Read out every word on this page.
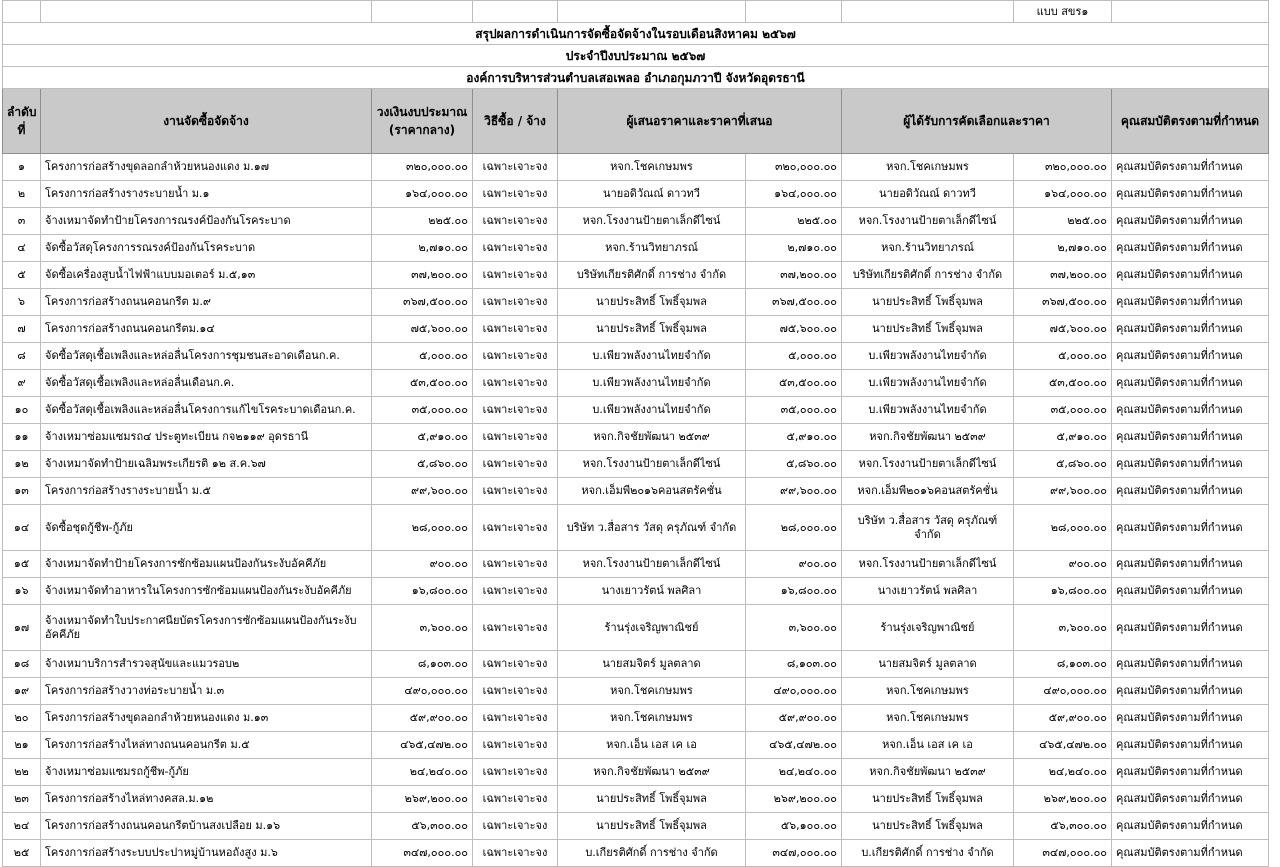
							แบบ สขร๑	
สรุปผลการดำเนินการจัดซื้อจัดจ้างในรอบเดือนสิงหาคม ๒๕๖๗								
ประจำปีงบประมาณ ๒๕๖๗								
องค์การบริหารส่วนตำบลเสอเพลอ อำเภอกุมภวาปี จังหวัดอุดรธานี								
ลำดับที่	งานจัดซื้อจัดจ้าง	วงเงินงบประมาณ (ราคากลาง)	วิธีซื้อ / จ้าง	ผู้เสนอราคาและราคาที่เสนอ		ผู้ได้รับการคัดเลือกและราคา		คุณสมบัติตรงตามที่กำหนด
๑	โครงการก่อสร้างขุดลอกลำห้วยหนองแดง ม.๑๗	๓๒๐,๐๐๐.๐๐	เฉพาะเจาะจง	หจก.โชคเกษมพร	๓๒๐,๐๐๐.๐๐	หจก.โชคเกษมพร	๓๒๐,๐๐๐.๐๐	คุณสมบัติตรงตามที่กำหนด
๒	โครงการก่อสร้างรางระบายน้ำ ม.๑	๑๖๔,๐๐๐.๐๐	เฉพาะเจาะจง	นายอดิวัณณ์ ดาวทวี	๑๖๔,๐๐๐.๐๐	นายอดิวัณณ์ ดาวทวี	๑๖๔,๐๐๐.๐๐	คุณสมบัติตรงตามที่กำหนด
๓	จ้างเหมาจัดทำป้ายโครงการณรงค์ป้องกันโรคระบาด	๒๒๕.๐๐	เฉพาะเจาะจง	หจก.โรงงานป้ายตาเล็กดีไซน์	๒๒๕.๐๐	หจก.โรงงานป้ายตาเล็กดีไซน์	๒๒๕.๐๐	คุณสมบัติตรงตามที่กำหนด
๔	จัดซื้อวัสดุโครงการรณรงค์ป้องกันโรคระบาด	๒,๗๑๐.๐๐	เฉพาะเจาะจง	หจก.ร้านวิทยาภรณ์	๒,๗๑๐.๐๐	หจก.ร้านวิทยาภรณ์	๒,๗๑๐.๐๐	คุณสมบัติตรงตามที่กำหนด
๕	จัดซื้อเครื่องสูบน้ำไฟฟ้าแบบมอเตอร์ ม.๕,๑๓	๓๗,๒๐๐.๐๐	เฉพาะเจาะจง	บริษัทเกียรติศักดิ์ การช่าง จำกัด	๓๗,๒๐๐.๐๐	บริษัทเกียรติศักดิ์ การช่าง จำกัด	๓๗,๒๐๐.๐๐	คุณสมบัติตรงตามที่กำหนด
๖	โครงการก่อสร้างถนนคอนกรีต ม.๙	๓๖๗,๕๐๐.๐๐	เฉพาะเจาะจง	นายประสิทธิ์ โพธิ์จุมพล	๓๖๗,๕๐๐.๐๐	นายประสิทธิ์ โพธิ์จุมพล	๓๖๗,๕๐๐.๐๐	คุณสมบัติตรงตามที่กำหนด
๗	โครงการก่อสร้างถนนคอนกรีตม.๑๔	๗๕,๖๐๐.๐๐	เฉพาะเจาะจง	นายประสิทธิ์ โพธิ์จุมพล	๗๕,๖๐๐.๐๐	นายประสิทธิ์ โพธิ์จุมพล	๗๕,๖๐๐.๐๐	คุณสมบัติตรงตามที่กำหนด
๘	จัดซื้อวัสดุเชื้อเพลิงและหล่อลื่นโครงการชุมชนสะอาดเดือนก.ค.	๕,๐๐๐.๐๐	เฉพาะเจาะจง	บ.เพียวพลังงานไทยจำกัด	๕,๐๐๐.๐๐	บ.เพียวพลังงานไทยจำกัด	๕,๐๐๐.๐๐	คุณสมบัติตรงตามที่กำหนด
๙	จัดซื้อวัสดุเชื้อเพลิงและหล่อลื่นเดือนก.ค.	๕๓,๕๐๐.๐๐	เฉพาะเจาะจง	บ.เพียวพลังงานไทยจำกัด	๕๓,๕๐๐.๐๐	บ.เพียวพลังงานไทยจำกัด	๕๓,๕๐๐.๐๐	คุณสมบัติตรงตามที่กำหนด
๑๐	จัดซื้อวัสดุเชื้อเพลิงและหล่อลื่นโครงการแก้ไขโรคระบาดเดือนก.ค.	๓๕,๐๐๐.๐๐	เฉพาะเจาะจง	บ.เพียวพลังงานไทยจำกัด	๓๕,๐๐๐.๐๐	บ.เพียวพลังงานไทยจำกัด	๓๕,๐๐๐.๐๐	คุณสมบัติตรงตามที่กำหนด
๑๑	จ้างเหมาซ่อมแซมรถ๔ ประตูทะเบียน กจ๒๑๑๙ อุดรธานี	๕,๙๑๐.๐๐	เฉพาะเจาะจง	หจก.กิจชัยพัฒนา ๒๕๓๙	๕,๙๑๐.๐๐	หจก.กิจชัยพัฒนา ๒๕๓๙	๕,๙๑๐.๐๐	คุณสมบัติตรงตามที่กำหนด
๑๒	จ้างเหมาจัดทำป้ายเฉลิมพระเกียรติ ๑๒ ส.ค.๖๗	๕,๘๖๐.๐๐	เฉพาะเจาะจง	หจก.โรงงานป้ายตาเล็กดีไซน์	๕,๘๖๐.๐๐	หจก.โรงงานป้ายตาเล็กดีไซน์	๕,๘๖๐.๐๐	คุณสมบัติตรงตามที่กำหนด
๑๓	โครงการก่อสร้างรางระบายน้ำ ม.๕	๙๙,๖๐๐.๐๐	เฉพาะเจาะจง	หจก.เอ็มพี๒๐๑๖คอนสตรัคชั่น	๙๙,๖๐๐.๐๐	หจก.เอ็มพี๒๐๑๖คอนสตรัคชั่น	๙๙,๖๐๐.๐๐	คุณสมบัติตรงตามที่กำหนด
๑๔	จัดซื้อชุดกู้ชีพ-กู้ภัย	๒๘,๐๐๐.๐๐	เฉพาะเจาะจง	บริษัท ว.สื่อสาร วัสดุ ครุภัณฑ์ จำกัด	๒๘,๐๐๐.๐๐	บริษัท ว.สื่อสาร วัสดุ ครุภัณฑ์ จำกัด	๒๘,๐๐๐.๐๐	คุณสมบัติตรงตามที่กำหนด
๑๕	จ้างเหมาจัดทำป้ายโครงการซักซ้อมแผนป้องกันระงับอัคคีภัย	๙๐๐.๐๐	เฉพาะเจาะจง	หจก.โรงงานป้ายตาเล็กดีไซน์	๙๐๐.๐๐	หจก.โรงงานป้ายตาเล็กดีไซน์	๙๐๐.๐๐	คุณสมบัติตรงตามที่กำหนด
๑๖	จ้างเหมาจัดทำอาหารในโครงการซักซ้อมแผนป้องกันระงับอัคคีภัย	๑๖,๘๐๐.๐๐	เฉพาะเจาะจง	นางเยาวรัตน์ พลศิลา	๑๖,๘๐๐.๐๐	นางเยาวรัตน์ พลศิลา	๑๖,๘๐๐.๐๐	คุณสมบัติตรงตามที่กำหนด
๑๗	จ้างเหมาจัดทำใบประกาศนียบัตรโครงการซักซ้อมแผนป้องกันระงับอัคคีภัย	๓,๖๐๐.๐๐	เฉพาะเจาะจง	ร้านรุ่งเจริญพาณิชย์	๓,๖๐๐.๐๐	ร้านรุ่งเจริญพาณิชย์	๓,๖๐๐.๐๐	คุณสมบัติตรงตามที่กำหนด
๑๘	จ้างเหมาบริการสำรวจสุนัขและแมวรอบ๒	๘,๑๐๓.๐๐	เฉพาะเจาะจง	นายสมจิตร์ มูลตลาด	๘,๑๐๓.๐๐	นายสมจิตร์ มูลตลาด	๘,๑๐๓.๐๐	คุณสมบัติตรงตามที่กำหนด
๑๙	โครงการก่อสร้างวางท่อระบายน้ำ ม.๓	๔๙๐,๐๐๐.๐๐	เฉพาะเจาะจง	หจก.โชคเกษมพร	๔๙๐,๐๐๐.๐๐	หจก.โชคเกษมพร	๔๙๐,๐๐๐.๐๐	คุณสมบัติตรงตามที่กำหนด
๒๐	โครงการก่อสร้างขุดลอกลำห้วยหนองแดง ม.๑๓	๕๙,๙๐๐.๐๐	เฉพาะเจาะจง	หจก.โชคเกษมพร	๕๙,๙๐๐.๐๐	หจก.โชคเกษมพร	๕๙,๙๐๐.๐๐	คุณสมบัติตรงตามที่กำหนด
๒๑	โครงการก่อสร้างไหล่ทางถนนคอนกรีต ม.๕	๔๖๕,๔๗๒.๐๐	เฉพาะเจาะจง	หจก.เอ็น เอส เค เอ	๔๖๕,๔๗๒.๐๐	หจก.เอ็น เอส เค เอ	๔๖๕,๔๗๒.๐๐	คุณสมบัติตรงตามที่กำหนด
๒๒	จ้างเหมาซ่อมแซมรถกู้ชีพ-กู้ภัย	๒๔,๒๔๐.๐๐	เฉพาะเจาะจง	หจก.กิจชัยพัฒนา ๒๕๓๙	๒๔,๒๔๐.๐๐	หจก.กิจชัยพัฒนา ๒๕๓๙	๒๔,๒๔๐.๐๐	คุณสมบัติตรงตามที่กำหนด
๒๓	โครงการก่อสร้างไหล่ทางคสล.ม.๑๒	๒๖๙,๒๐๐.๐๐	เฉพาะเจาะจง	นายประสิทธิ์ โพธิ์จุมพล	๒๖๙,๒๐๐.๐๐	นายประสิทธิ์ โพธิ์จุมพล	๒๖๙,๒๐๐.๐๐	คุณสมบัติตรงตามที่กำหนด
๒๔	โครงการก่อสร้างถนนคอนกรีตบ้านสงเปลือย ม.๑๖	๕๖,๓๐๐.๐๐	เฉพาะเจาะจง	นายประสิทธิ์ โพธิ์จุมพล	๕๖,๑๐๐.๐๐	นายประสิทธิ์ โพธิ์จุมพล	๕๖,๓๐๐.๐๐	คุณสมบัติตรงตามที่กำหนด
๒๕	โครงการก่อสร้างระบบประปาหมู่บ้านหอถังสูง ม.๖	๓๔๗,๐๐๐.๐๐	เฉพาะเจาะจง	บ.เกียรติศักดิ์ การช่าง จำกัด	๓๔๗,๐๐๐.๐๐	บ.เกียรติศักดิ์ การช่าง จำกัด	๓๔๗,๐๐๐.๐๐	คุณสมบัติตรงตามที่กำหนด
